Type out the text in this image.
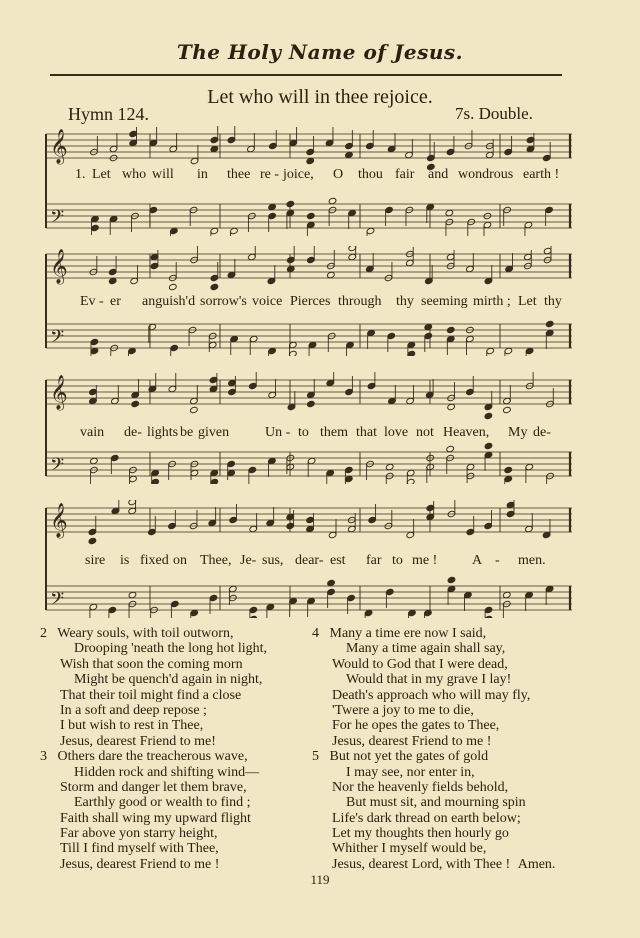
The Holy Name of Jesus.
Let who will in thee rejoice.
Hymn 124.	7s. Double.
𝄞
𝄢
1. Let who will in thee re - joice, O thou fair and wondrous earth !
𝄞
𝄢
Ev - er anguish'd sorrow's voice Pierces through thy seeming mirth ; Let thy
𝄞
𝄢
vain de- lights be given	Un - to them that love not Heaven, My de-
𝄞
𝄢
sire is fixed on Thee, Je- sus, dear- est far to me ! A - men.
2 Weary souls, with toil outworn,
Drooping 'neath the long hot light,
Wish that soon the coming morn
Might be quench'd again in night,
That their toil might find a close
In a soft and deep repose ;
I but wish to rest in Thee,
Jesus, dearest Friend to me!
3 Others dare the treacherous wave,
Hidden rock and shifting wind—
Storm and danger let them brave,
Earthly good or wealth to find ;
Faith shall wing my upward flight
Far above yon starry height,
Till I find myself with Thee,
Jesus, dearest Friend to me !
4 Many a time ere now I said,
Many a time again shall say,
Would to God that I were dead,
Would that in my grave I lay!
Death's approach who will may fly,
'Twere a joy to me to die,
For he opes the gates to Thee,
Jesus, dearest Friend to me !
5 But not yet the gates of gold
I may see, nor enter in,
Nor the heavenly fields behold,
But must sit, and mourning spin
Life's dark thread on earth below;
Let my thoughts then hourly go
Whither I myself would be,
Jesus, dearest Lord, with Thee ! Amen.
119
